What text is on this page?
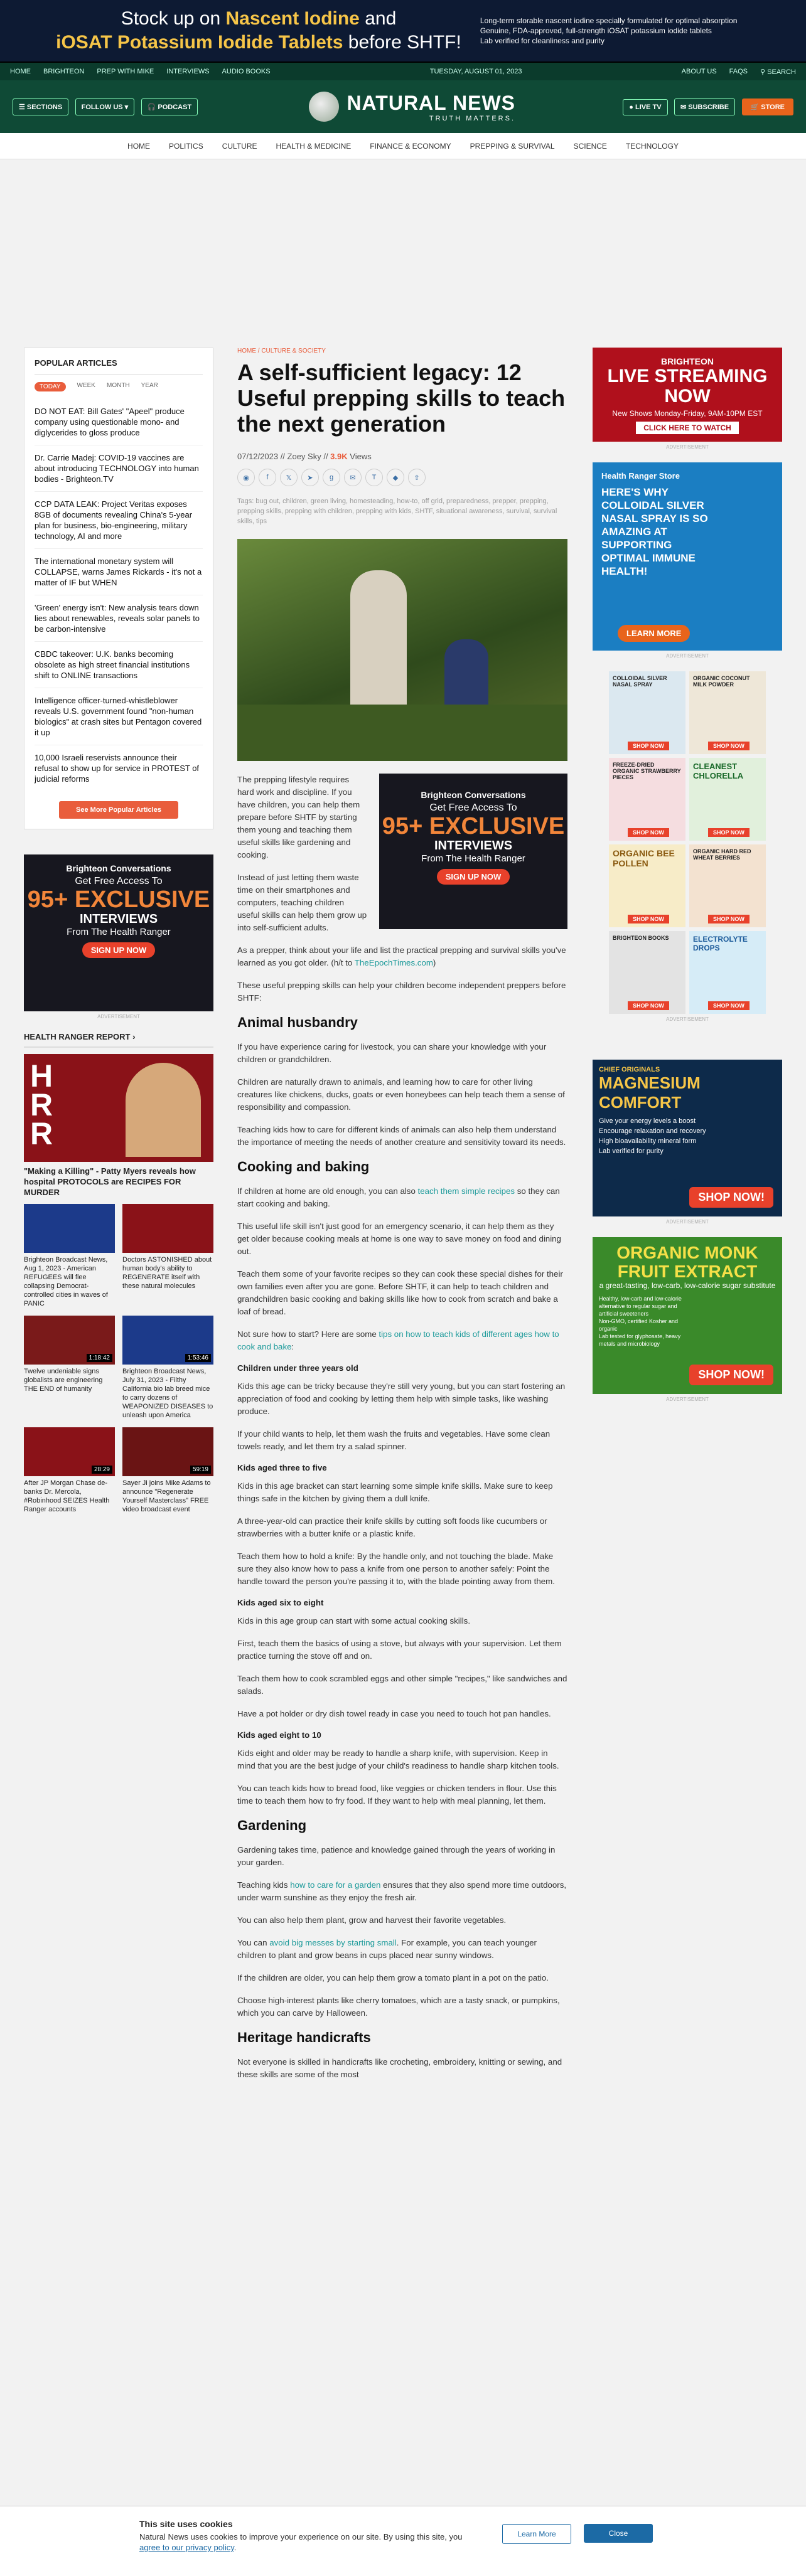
Stock up on Nascent Iodine and
iOSAT Potassium Iodide Tablets before SHTF!
Long-term storable nascent iodine specially formulated for optimal absorption
Genuine, FDA-approved, full-strength iOSAT potassium iodide tablets
Lab verified for cleanliness and purity
HOME BRIGHTEON PREP WITH MIKE INTERVIEWS AUDIO BOOKS	TUESDAY, AUGUST 01, 2023	ABOUT US FAQS ⚲ SEARCH
☰ SECTIONS	FOLLOW US ▾	🎧 PODCAST	NATURAL NEWS
TRUTH MATTERS.
● LIVE TV	✉ SUBSCRIBE	🛒 STORE
HOME	POLITICS	CULTURE	HEALTH & MEDICINE	FINANCE & ECONOMY	PREPPING & SURVIVAL	SCIENCE	TECHNOLOGY
POPULAR ARTICLES
TODAY	WEEK MONTH YEAR
DO NOT EAT: Bill Gates' "Apeel" produce company using questionable mono- and diglycerides to gloss produce
Dr. Carrie Madej: COVID-19 vaccines are about introducing TECHNOLOGY into human bodies - Brighteon.TV
CCP DATA LEAK: Project Veritas exposes 8GB of documents revealing China's 5-year plan for business, bio-engineering, military technology, AI and more
The international monetary system will COLLAPSE, warns James Rickards - it's not a matter of IF but WHEN
'Green' energy isn't: New analysis tears down lies about renewables, reveals solar panels to be carbon-intensive
CBDC takeover: U.K. banks becoming obsolete as high street financial institutions shift to ONLINE transactions
Intelligence officer-turned-whistleblower reveals U.S. government found "non-human biologics" at crash sites but Pentagon covered it up
10,000 Israeli reservists announce their refusal to show up for service in PROTEST of judicial reforms
See More Popular Articles
Brighteon Conversations
Get Free Access To
95+ EXCLUSIVE
INTERVIEWS
From The Health Ranger
SIGN UP NOW
ADVERTISEMENT
HEALTH RANGER REPORT ›
H
R
R
"Making a Killing" - Patty Myers reveals how hospital PROTOCOLS are RECIPES FOR MURDER

Brighteon Broadcast News, Aug 1, 2023 - American REFUGEES will flee collapsing Democrat-controlled cities in waves of PANIC

Doctors ASTONISHED about human body's ability to REGENERATE itself with these natural molecules

1:18:42

Twelve undeniable signs globalists are engineering THE END of humanity

1:53:46

Brighteon Broadcast News, July 31, 2023 - Filthy California bio lab breed mice to carry dozens of WEAPONIZED DISEASES to unleash upon America

28:29

After JP Morgan Chase de-banks Dr. Mercola, #Robinhood SEIZES Health Ranger accounts

59:19

Sayer Ji joins Mike Adams to announce "Regenerate Yourself Masterclass" FREE video broadcast event

HOME / CULTURE & SOCIETY
A self-sufficient legacy: 12 Useful prepping skills to teach the next generation
07/12/2023 // Zoey Sky // 3.9K Views
◉	f	𝕏	➤	g	✉	T	◆	⇧
Tags: bug out, children, green living, homesteading, how-to, off grid, preparedness, prepper, prepping, prepping skills, prepping with children, prepping with kids, SHTF, situational awareness, survival, survival skills, tips
Brighteon Conversations
Get Free Access To
95+ EXCLUSIVE
INTERVIEWS
From The Health Ranger
SIGN UP NOW

The prepping lifestyle requires hard work and discipline. If you have children, you can help them prepare before SHTF by starting them young and teaching them useful skills like gardening and cooking.

Instead of just letting them waste time on their smartphones and computers, teaching children useful skills can help them grow up into self-sufficient adults.

As a prepper, think about your life and list the practical prepping and survival skills you've learned as you got older. (h/t to TheEpochTimes.com)

These useful prepping skills can help your children become independent preppers before SHTF:

Animal husbandry

If you have experience caring for livestock, you can share your knowledge with your children or grandchildren.

Children are naturally drawn to animals, and learning how to care for other living creatures like chickens, ducks, goats or even honeybees can help teach them a sense of responsibility and compassion.

Teaching kids how to care for different kinds of animals can also help them understand the importance of meeting the needs of another creature and sensitivity toward its needs.

Cooking and baking

If children at home are old enough, you can also teach them simple recipes so they can start cooking and baking.

This useful life skill isn't just good for an emergency scenario, it can help them as they get older because cooking meals at home is one way to save money on food and dining out.

Teach them some of your favorite recipes so they can cook these special dishes for their own families even after you are gone. Before SHTF, it can help to teach children and grandchildren basic cooking and baking skills like how to cook from scratch and bake a loaf of bread.

Not sure how to start? Here are some tips on how to teach kids of different ages how to cook and bake:

Children under three years old

Kids this age can be tricky because they're still very young, but you can start fostering an appreciation of food and cooking by letting them help with simple tasks, like washing produce.

If your child wants to help, let them wash the fruits and vegetables. Have some clean towels ready, and let them try a salad spinner.

Kids aged three to five

Kids in this age bracket can start learning some simple knife skills. Make sure to keep things safe in the kitchen by giving them a dull knife.

A three-year-old can practice their knife skills by cutting soft foods like cucumbers or strawberries with a butter knife or a plastic knife.

Teach them how to hold a knife: By the handle only, and not touching the blade. Make sure they also know how to pass a knife from one person to another safely: Point the handle toward the person you're passing it to, with the blade pointing away from them.

Kids aged six to eight

Kids in this age group can start with some actual cooking skills.

First, teach them the basics of using a stove, but always with your supervision. Let them practice turning the stove off and on.

Teach them how to cook scrambled eggs and other simple "recipes," like sandwiches and salads.

Have a pot holder or dry dish towel ready in case you need to touch hot pan handles.

Kids aged eight to 10

Kids eight and older may be ready to handle a sharp knife, with supervision. Keep in mind that you are the best judge of your child's readiness to handle sharp kitchen tools.

You can teach kids how to bread food, like veggies or chicken tenders in flour. Use this time to teach them how to fry food. If they want to help with meal planning, let them.

Gardening

Gardening takes time, patience and knowledge gained through the years of working in your garden.

Teaching kids how to care for a garden ensures that they also spend more time outdoors, under warm sunshine as they enjoy the fresh air.

You can also help them plant, grow and harvest their favorite vegetables.

You can avoid big messes by starting small. For example, you can teach younger children to plant and grow beans in cups placed near sunny windows.

If the children are older, you can help them grow a tomato plant in a pot on the patio.

Choose high-interest plants like cherry tomatoes, which are a tasty snack, or pumpkins, which you can carve by Halloween.

Heritage handicrafts

Not everyone is skilled in handicrafts like crocheting, embroidery, knitting or sewing, and these skills are some of the most

BRIGHTEON
LIVE STREAMING
NOW
New Shows Monday-Friday, 9AM-10PM EST
CLICK HERE TO WATCH
ADVERTISEMENT
Health Ranger Store
HERE'S WHY COLLOIDAL SILVER NASAL SPRAY IS SO AMAZING AT SUPPORTING OPTIMAL IMMUNE HEALTH!
LEARN MORE
ADVERTISEMENT
COLLOIDAL SILVER NASAL SPRAY
SHOP NOW
ORGANIC COCONUT MILK POWDER
SHOP NOW
FREEZE-DRIED ORGANIC STRAWBERRY PIECES
SHOP NOW
CLEANEST CHLORELLA
SHOP NOW
ORGANIC BEE POLLEN
SHOP NOW
ORGANIC HARD RED WHEAT BERRIES
SHOP NOW
BRIGHTEON BOOKS
SHOP NOW
ELECTROLYTE DROPS
SHOP NOW
ADVERTISEMENT
CHIEF ORIGINALS
MAGNESIUM COMFORT
Give your energy levels a boost
Encourage relaxation and recovery
High bioavailability mineral form
Lab verified for purity
SHOP NOW!
ADVERTISEMENT
ORGANIC MONK
FRUIT EXTRACT
a great-tasting, low-carb, low-calorie sugar substitute
Healthy, low-carb and low-calorie alternative to regular sugar and artificial sweeteners
Non-GMO, certified Kosher and organic
Lab tested for glyphosate, heavy metals and microbiology
SHOP NOW!
ADVERTISEMENT
This site uses cookies
Natural News uses cookies to improve your experience on our site. By using this site, you agree to our privacy policy.
Learn More	Close
